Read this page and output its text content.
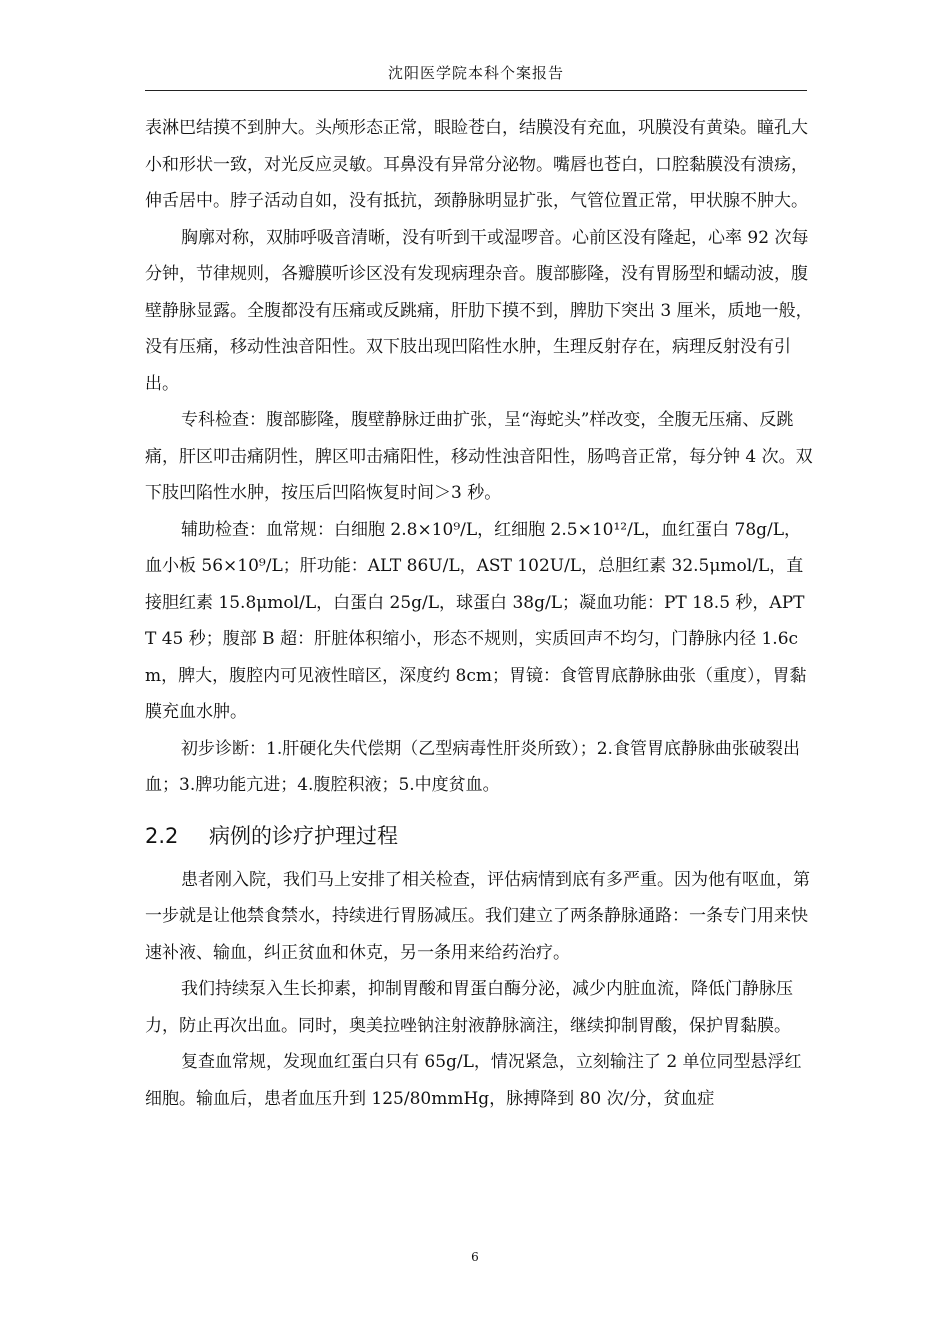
沈阳医学院本科个案报告

表淋巴结摸不到肿大。头颅形态正常，眼睑苍白，结膜没有充血，巩膜没有黄染。瞳孔大小和形状一致，对光反应灵敏。耳鼻没有异常分泌物。嘴唇也苍白，口腔黏膜没有溃疡，伸舌居中。脖子活动自如，没有抵抗，颈静脉明显扩张，气管位置正常，甲状腺不肿大。

胸廓对称，双肺呼吸音清晰，没有听到干或湿啰音。心前区没有隆起，心率 92 次每分钟，节律规则，各瓣膜听诊区没有发现病理杂音。腹部膨隆，没有胃肠型和蠕动波，腹壁静脉显露。全腹都没有压痛或反跳痛，肝肋下摸不到，脾肋下突出 3 厘米，质地一般，没有压痛，移动性浊音阳性。双下肢出现凹陷性水肿，生理反射存在，病理反射没有引出。

专科检查：腹部膨隆，腹壁静脉迂曲扩张，呈“海蛇头”样改变，全腹无压痛、反跳痛，肝区叩击痛阴性，脾区叩击痛阳性，移动性浊音阳性，肠鸣音正常，每分钟 4 次。双下肢凹陷性水肿，按压后凹陷恢复时间＞3 秒。

辅助检查：血常规：白细胞 2.8×10⁹/L，红细胞 2.5×10¹²/L，血红蛋白 78g/L，血小板 56×10⁹/L；肝功能：ALT 86U/L，AST 102U/L，总胆红素 32.5μmol/L，直接胆红素 15.8μmol/L，白蛋白 25g/L，球蛋白 38g/L；凝血功能：PT 18.5 秒，APTT 45 秒；腹部 B 超：肝脏体积缩小，形态不规则，实质回声不均匀，门静脉内径 1.6cm，脾大，腹腔内可见液性暗区，深度约 8cm；胃镜：食管胃底静脉曲张（重度），胃黏膜充血水肿。

初步诊断：1.肝硬化失代偿期（乙型病毒性肝炎所致）；2.食管胃底静脉曲张破裂出血；3.脾功能亢进；4.腹腔积液；5.中度贫血。

2.2 病例的诊疗护理过程

患者刚入院，我们马上安排了相关检查，评估病情到底有多严重。因为他有呕血，第一步就是让他禁食禁水，持续进行胃肠减压。我们建立了两条静脉通路：一条专门用来快速补液、输血，纠正贫血和休克，另一条用来给药治疗。

我们持续泵入生长抑素，抑制胃酸和胃蛋白酶分泌，减少内脏血流，降低门静脉压力，防止再次出血。同时，奥美拉唑钠注射液静脉滴注，继续抑制胃酸，保护胃黏膜。

复查血常规，发现血红蛋白只有 65g/L，情况紧急，立刻输注了 2 单位同型悬浮红细胞。输血后，患者血压升到 125/80mmHg，脉搏降到 80 次/分，贫血症

6
